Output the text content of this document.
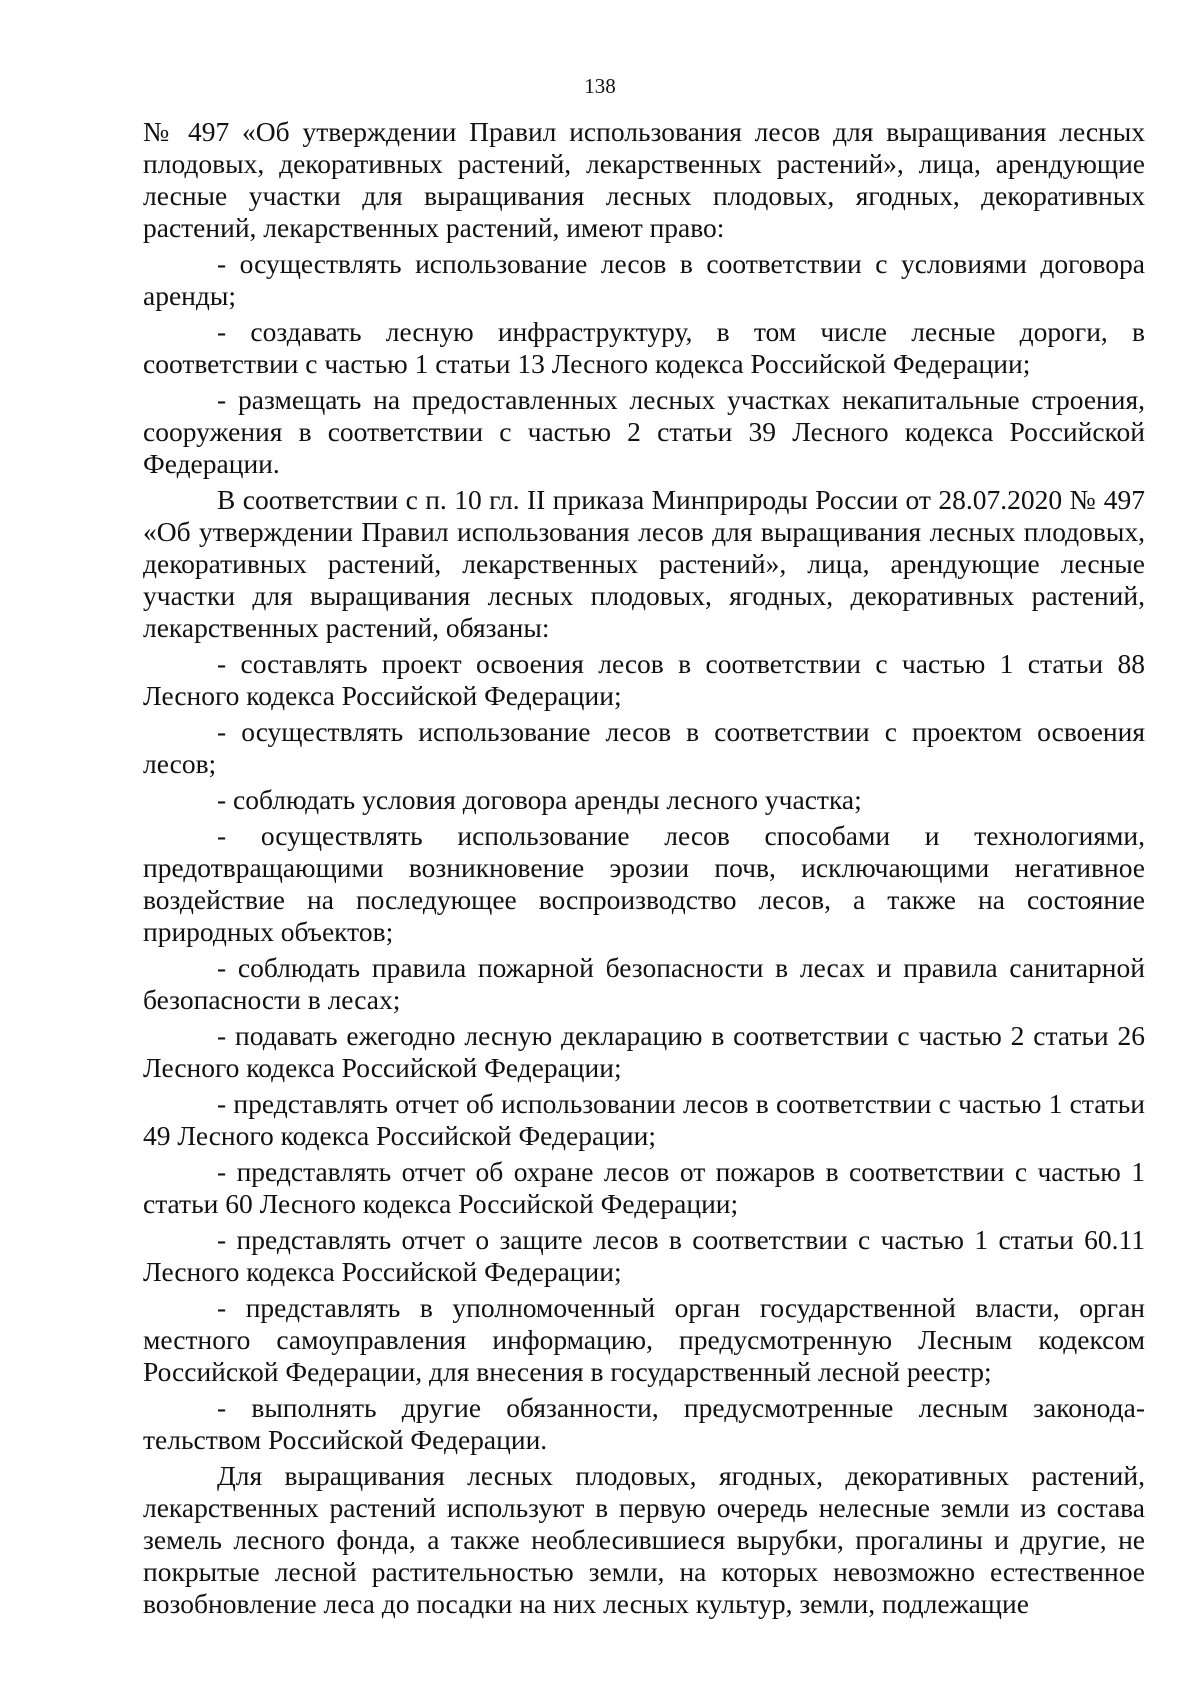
138

№ 497 «Об утверждении Правил использования лесов для выращивания лесных плодовых, декоративных растений, лекарственных растений», лица, арендующие лесные участки для выращивания лесных плодовых, ягодных, декоративных растений, лекарственных растений, имеют право:

- осуществлять использование лесов в соответствии с условиями договора аренды;

- создавать лесную инфраструктуру, в том числе лесные дороги, в соответствии с частью 1 статьи 13 Лесного кодекса Российской Федерации;

- размещать на предоставленных лесных участках некапитальные строения, сооружения в соответствии с частью 2 статьи 39 Лесного кодекса Российской Федерации.

В соответствии с п. 10 гл. II приказа Минприроды России от 28.07.2020 № 497 «Об утверждении Правил использования лесов для выращивания лесных плодовых, декоративных растений, лекарственных растений», лица, арендующие лесные участки для выращивания лесных плодовых, ягодных, декоративных растений, лекарственных растений, обязаны:

- составлять проект освоения лесов в соответствии с частью 1 статьи 88 Лесного кодекса Российской Федерации;

- осуществлять использование лесов в соответствии с проектом освоения лесов;

- соблюдать условия договора аренды лесного участка;

- осуществлять использование лесов способами и технологиями, предотвращающими возникновение эрозии почв, исключающими негативное воздействие на последующее воспроизводство лесов, а также на состояние природных объектов;

- соблюдать правила пожарной безопасности в лесах и правила санитарной безопасности в лесах;

- подавать ежегодно лесную декларацию в соответствии с частью 2 статьи 26 Лесного кодекса Российской Федерации;

- представлять отчет об использовании лесов в соответствии с частью 1 статьи 49 Лесного кодекса Российской Федерации;

- представлять отчет об охране лесов от пожаров в соответствии с частью 1 статьи 60 Лесного кодекса Российской Федерации;

- представлять отчет о защите лесов в соответствии с частью 1 статьи 60.11 Лесного кодекса Российской Федерации;

- представлять в уполномоченный орган государственной власти, орган местного самоуправления информацию, предусмотренную Лесным кодексом Российской Федерации, для внесения в государственный лесной реестр;

- выполнять другие обязанности, предусмотренные лесным законода-тельством Российской Федерации.

Для выращивания лесных плодовых, ягодных, декоративных растений, лекарственных растений используют в первую очередь нелесные земли из состава земель лесного фонда, а также необлесившиеся вырубки, прогалины и другие, не покрытые лесной растительностью земли, на которых невозможно естественное возобновление леса до посадки на них лесных культур, земли, подлежащие
